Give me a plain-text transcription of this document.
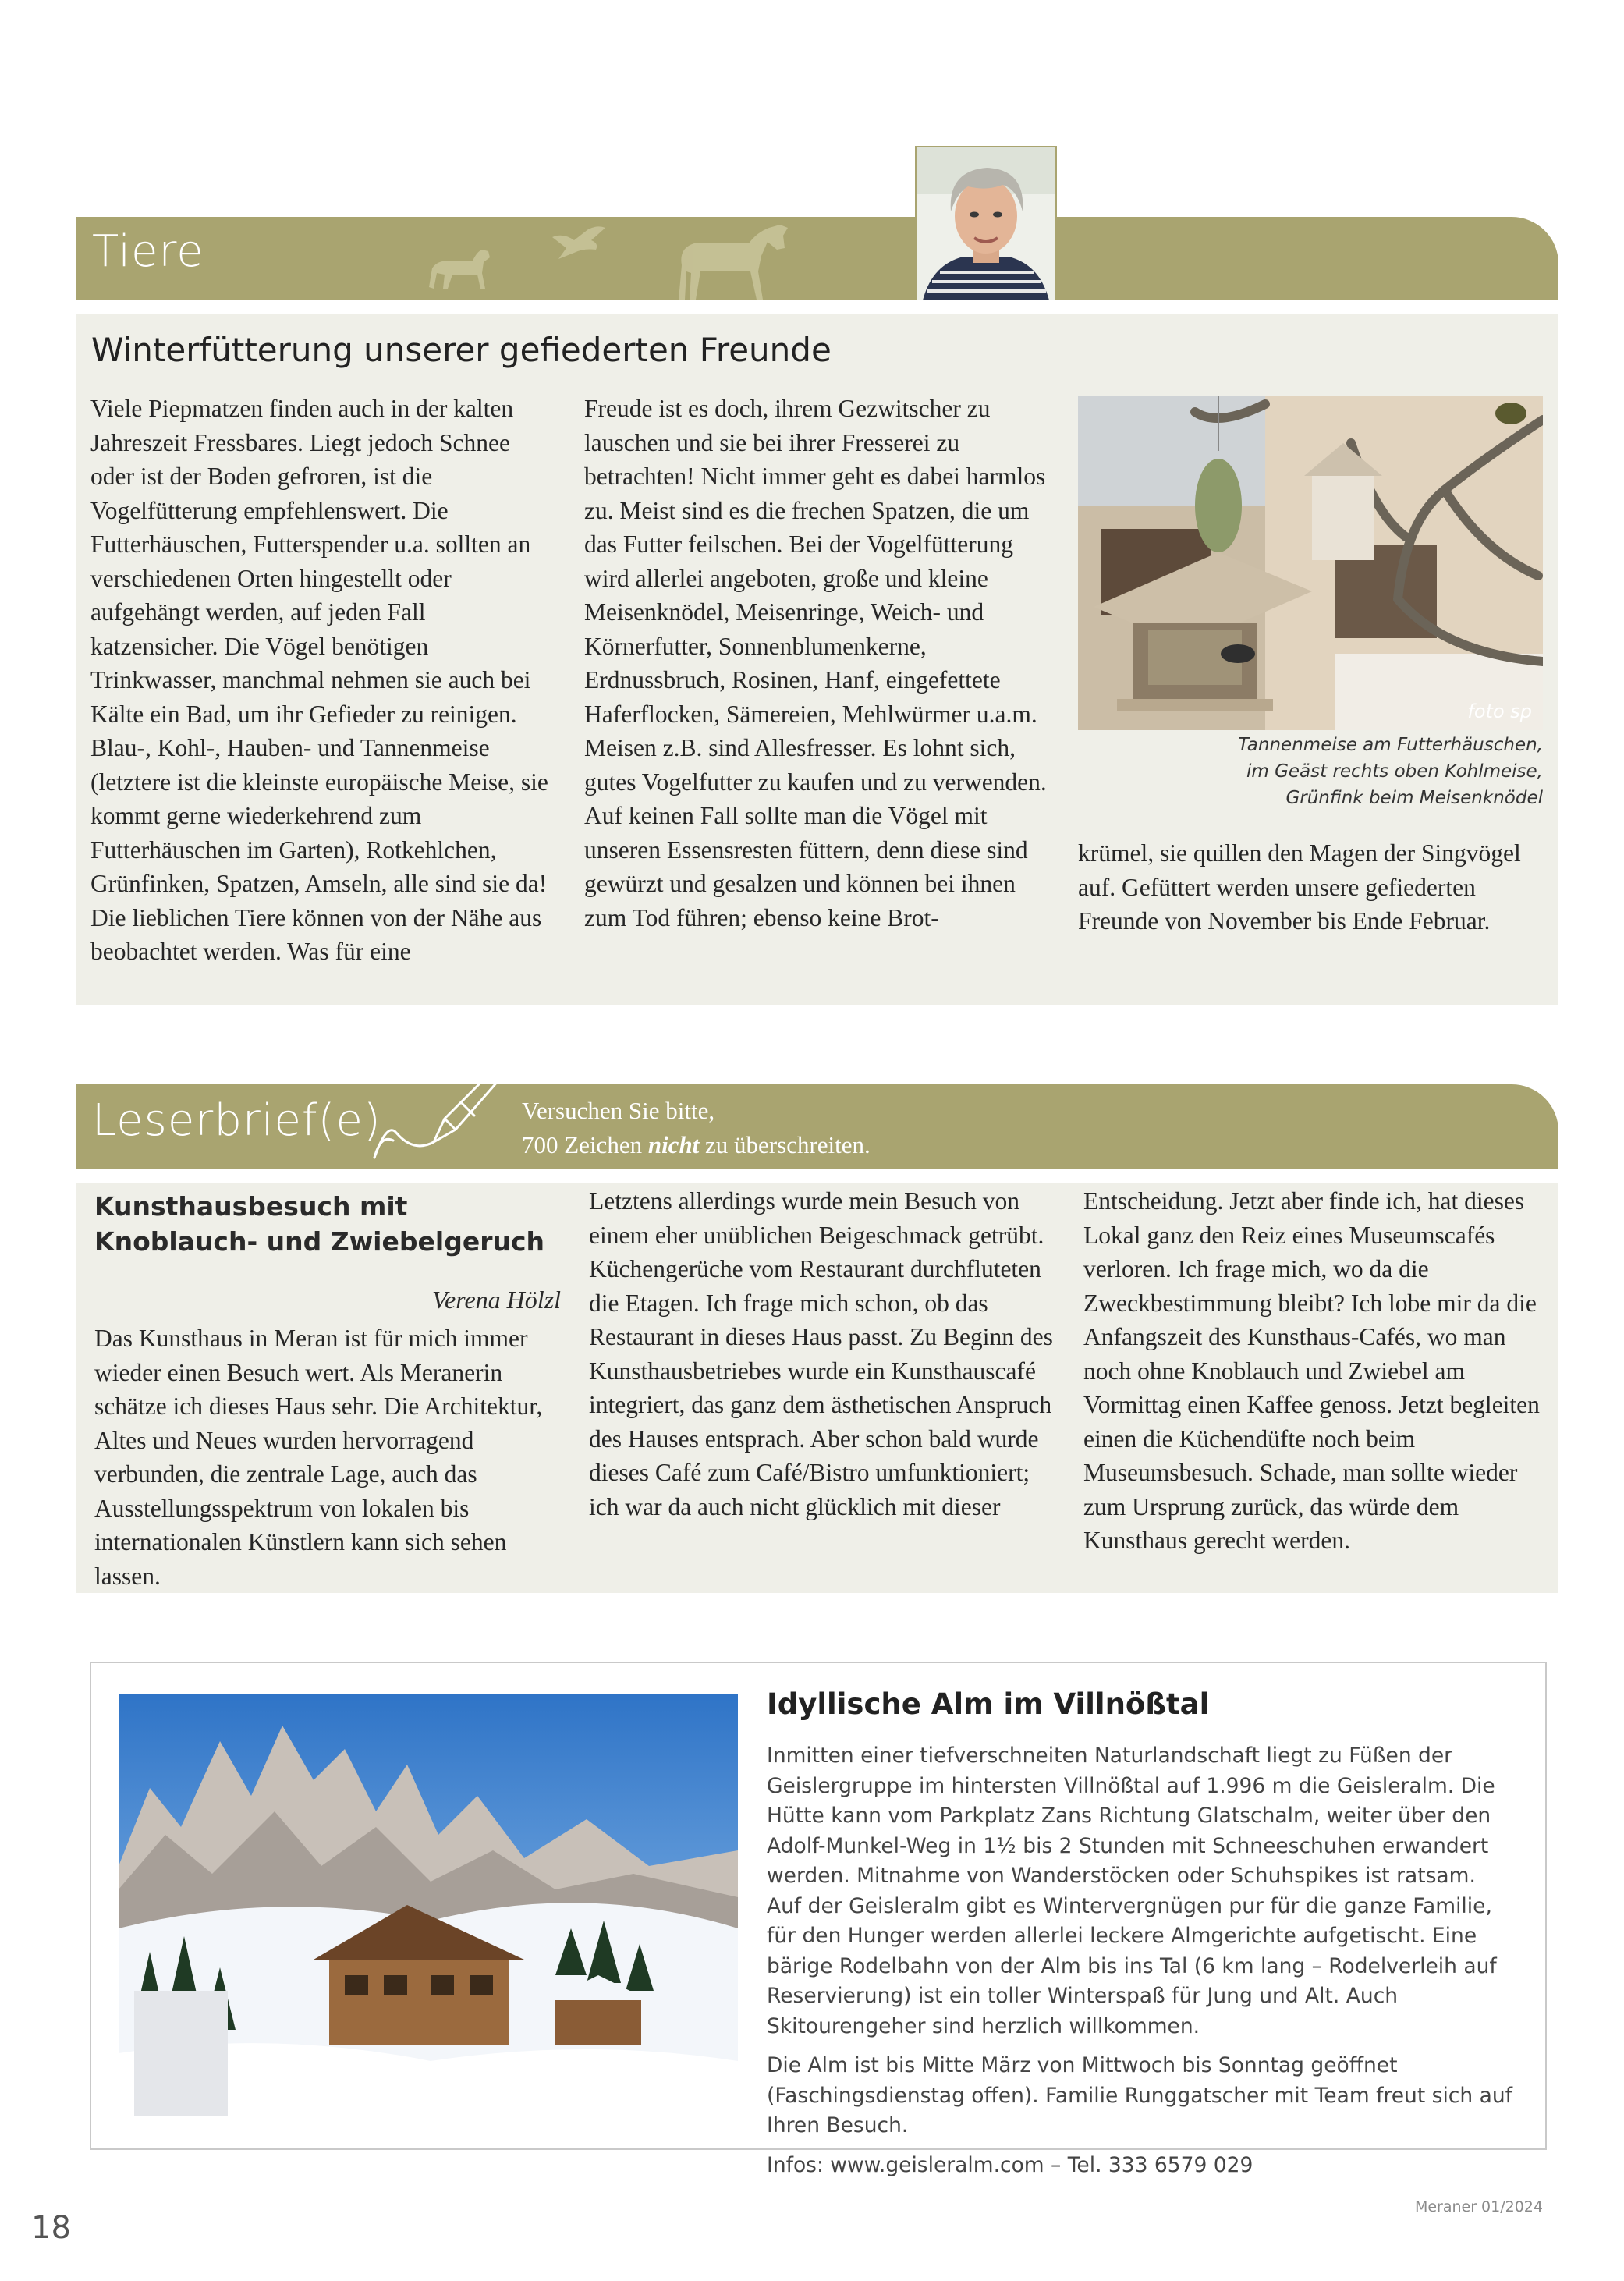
Tiere
Winterfütterung unserer gefiederten Freunde

Viele Piepmatzen finden auch in der kalten Jahreszeit Fressbares. Liegt jedoch Schnee oder ist der Boden gefroren, ist die Vogelfütterung empfehlenswert. Die Futterhäuschen, Futterspender u.a. sollten an verschiedenen Orten hingestellt oder aufgehängt werden, auf jeden Fall katzensicher. Die Vögel benötigen Trinkwasser, manchmal nehmen sie auch bei Kälte ein Bad, um ihr Gefieder zu reinigen. Blau-, Kohl-, Hauben- und Tannenmeise (letztere ist die kleinste europäische Meise, sie kommt gerne wiederkehrend zum Futterhäuschen im Garten), Rotkehlchen, Grünfinken, Spatzen, Amseln, alle sind sie da! Die lieblichen Tiere können von der Nähe aus beobachtet werden. Was für eine

Freude ist es doch, ihrem Gezwitscher zu lauschen und sie bei ihrer Fresserei zu betrachten! Nicht immer geht es dabei harmlos zu. Meist sind es die frechen Spatzen, die um das Futter feilschen. Bei der Vogelfütterung wird allerlei angeboten, große und kleine Meisenknödel, Meisenringe, Weich- und Körnerfutter, Sonnenblumenkerne, Erdnussbruch, Rosinen, Hanf, eingefettete Haferflocken, Sämereien, Mehlwürmer u.a.m. Meisen z.B. sind Allesfresser. Es lohnt sich, gutes Vogelfutter zu kaufen und zu verwenden. Auf keinen Fall sollte man die Vögel mit unseren Essensresten füttern, denn diese sind gewürzt und gesalzen und können bei ihnen zum Tod führen; ebenso keine Brot-

foto sp
Tannenmeise am Futterhäuschen,
im Geäst rechts oben Kohlmeise,
Grünfink beim Meisenknödel

krümel, sie quillen den Magen der Singvögel auf. Gefüttert werden unsere gefiederten Freunde von November bis Ende Februar.

Leserbrief(e)	Versuchen Sie bitte,
700 Zeichen nicht zu überschreiten.
Kunsthausbesuch mit
Knoblauch- und Zwiebelgeruch
Verena Hölzl

Das Kunsthaus in Meran ist für mich immer wieder einen Besuch wert. Als Meranerin schätze ich dieses Haus sehr. Die Architektur, Altes und Neues wurden hervorragend verbunden, die zentrale Lage, auch das Ausstellungsspektrum von lokalen bis internationalen Künstlern kann sich sehen lassen.

Letztens allerdings wurde mein Besuch von einem eher unüblichen Beigeschmack getrübt. Küchengerüche vom Restaurant durchfluteten die Etagen. Ich frage mich schon, ob das Restaurant in dieses Haus passt. Zu Beginn des Kunsthausbetriebes wurde ein Kunsthauscafé integriert, das ganz dem ästhetischen Anspruch des Hauses entsprach. Aber schon bald wurde dieses Café zum Café/Bistro umfunktioniert; ich war da auch nicht glücklich mit dieser

Entscheidung. Jetzt aber finde ich, hat dieses Lokal ganz den Reiz eines Museumscafés verloren. Ich frage mich, wo da die Zweckbestimmung bleibt? Ich lobe mir da die Anfangszeit des Kunsthaus-Cafés, wo man noch ohne Knoblauch und Zwiebel am Vormittag einen Kaffee genoss. Jetzt begleiten einen die Küchendüfte noch beim Museumsbesuch. Schade, man sollte wieder zum Ursprung zurück, das würde dem Kunsthaus gerecht werden.

Idyllische Alm im Villnößtal

Inmitten einer tiefverschneiten Naturlandschaft liegt zu Füßen der Geislergruppe im hintersten Villnößtal auf 1.996 m die Geisleralm. Die Hütte kann vom Parkplatz Zans Richtung Glatschalm, weiter über den Adolf-Munkel-Weg in 1½ bis 2 Stunden mit Schneeschuhen erwandert werden. Mitnahme von Wanderstöcken oder Schuhspikes ist ratsam. Auf der Geisleralm gibt es Wintervergnügen pur für die ganze Familie, für den Hunger werden allerlei leckere Almgerichte aufgetischt. Eine bärige Rodelbahn von der Alm bis ins Tal (6 km lang – Rodelverleih auf Reservierung) ist ein toller Winterspaß für Jung und Alt. Auch Skitourengeher sind herzlich willkommen.

Die Alm ist bis Mitte März von Mittwoch bis Sonntag geöffnet (Faschingsdienstag offen). Familie Runggatscher mit Team freut sich auf Ihren Besuch.

Infos: www.geisleralm.com – Tel. 333 6579 029

18
Meraner 01/2024
